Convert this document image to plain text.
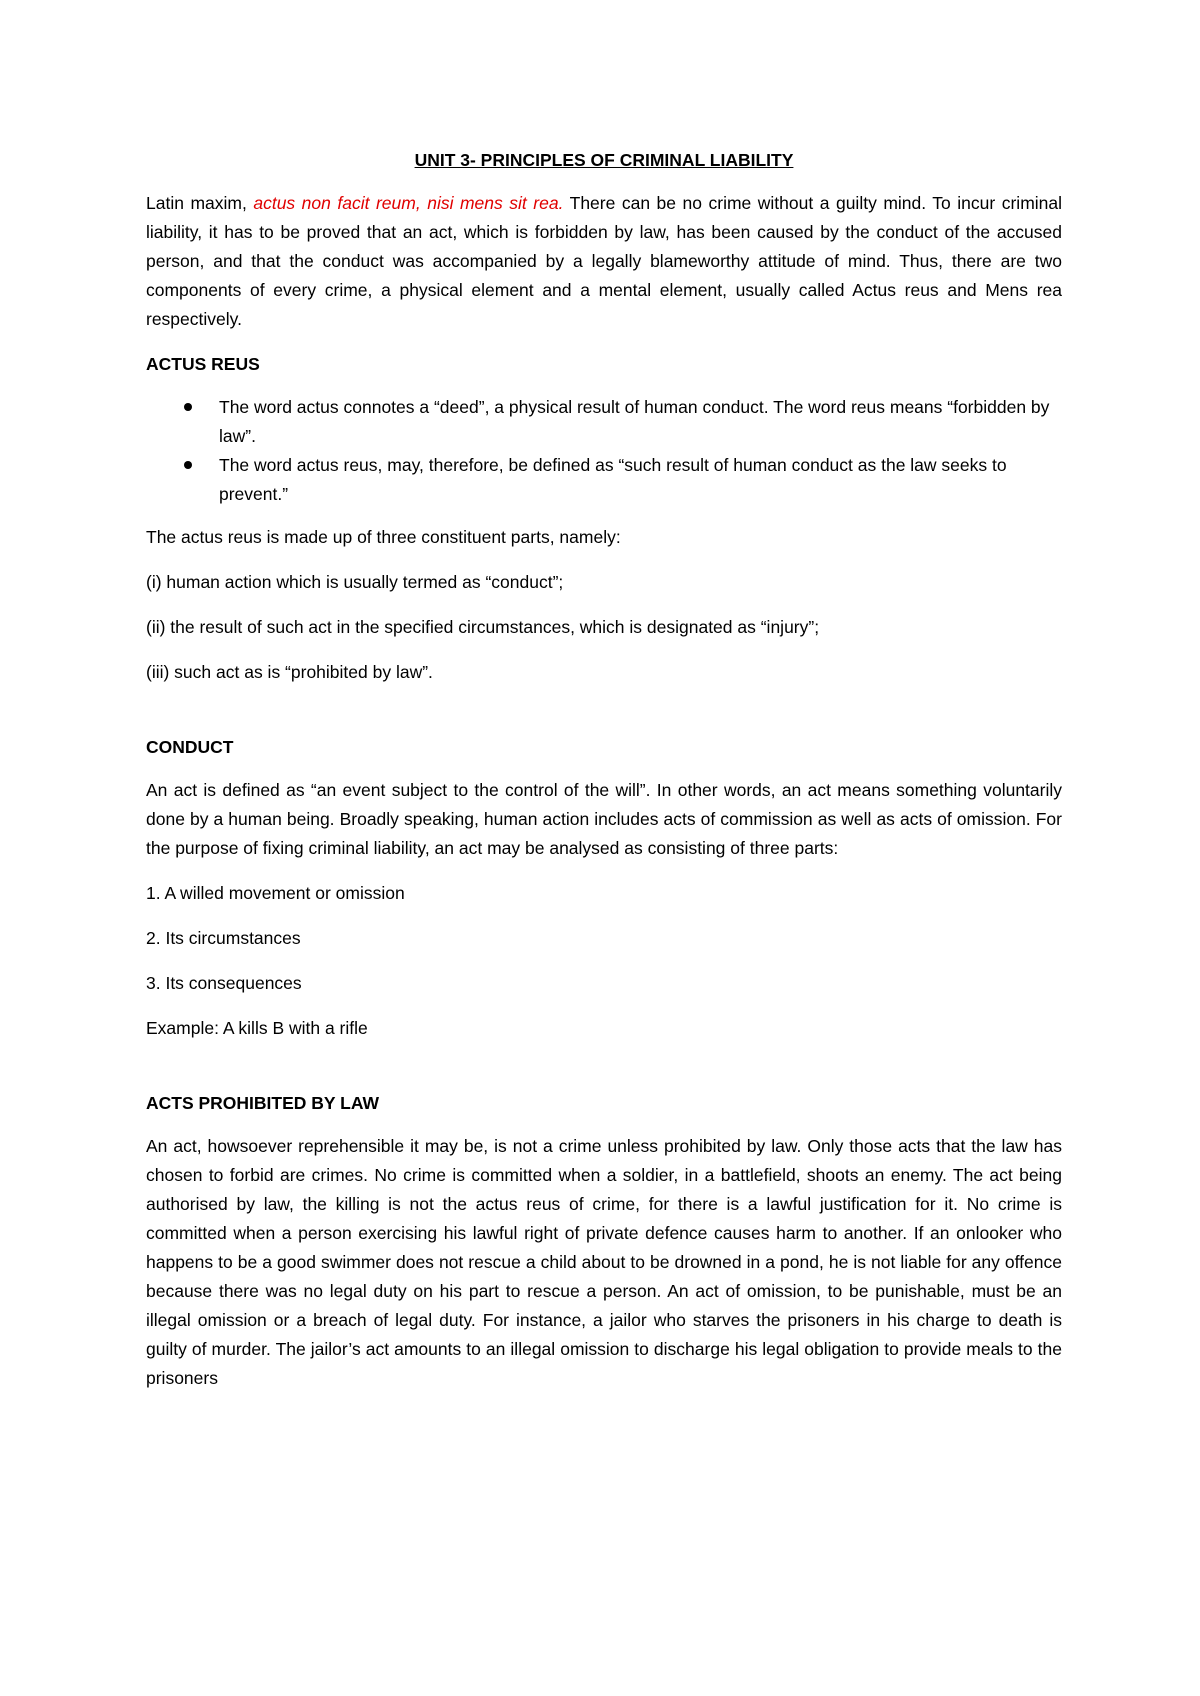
UNIT 3- PRINCIPLES OF CRIMINAL LIABILITY

Latin maxim, actus non facit reum, nisi mens sit rea. There can be no crime without a guilty mind. To incur criminal liability, it has to be proved that an act, which is forbidden by law, has been caused by the conduct of the accused person, and that the conduct was accompanied by a legally blameworthy attitude of mind. Thus, there are two components of every crime, a physical element and a mental element, usually called Actus reus and Mens rea respectively.

ACTUS REUS
The word actus connotes a “deed”, a physical result of human conduct. The word reus means “forbidden by law”.
The word actus reus, may, therefore, be defined as “such result of human conduct as the law seeks to prevent.”

The actus reus is made up of three constituent parts, namely:

(i) human action which is usually termed as “conduct”;

(ii) the result of such act in the specified circumstances, which is designated as “injury”;

(iii) such act as is “prohibited by law”.

CONDUCT

An act is defined as “an event subject to the control of the will”. In other words, an act means something voluntarily done by a human being. Broadly speaking, human action includes acts of commission as well as acts of omission. For the purpose of fixing criminal liability, an act may be analysed as consisting of three parts:

1. A willed movement or omission
2. Its circumstances
3. Its consequences
Example: A kills B with a rifle
ACTS PROHIBITED BY LAW

An act, howsoever reprehensible it may be, is not a crime unless prohibited by law. Only those acts that the law has chosen to forbid are crimes. No crime is committed when a soldier, in a battlefield, shoots an enemy. The act being authorised by law, the killing is not the actus reus of crime, for there is a lawful justification for it. No crime is committed when a person exercising his lawful right of private defence causes harm to another. If an onlooker who happens to be a good swimmer does not rescue a child about to be drowned in a pond, he is not liable for any offence because there was no legal duty on his part to rescue a person. An act of omission, to be punishable, must be an illegal omission or a breach of legal duty. For instance, a jailor who starves the prisoners in his charge to death is guilty of murder. The jailor’s act amounts to an illegal omission to discharge his legal obligation to provide meals to the prisoners
